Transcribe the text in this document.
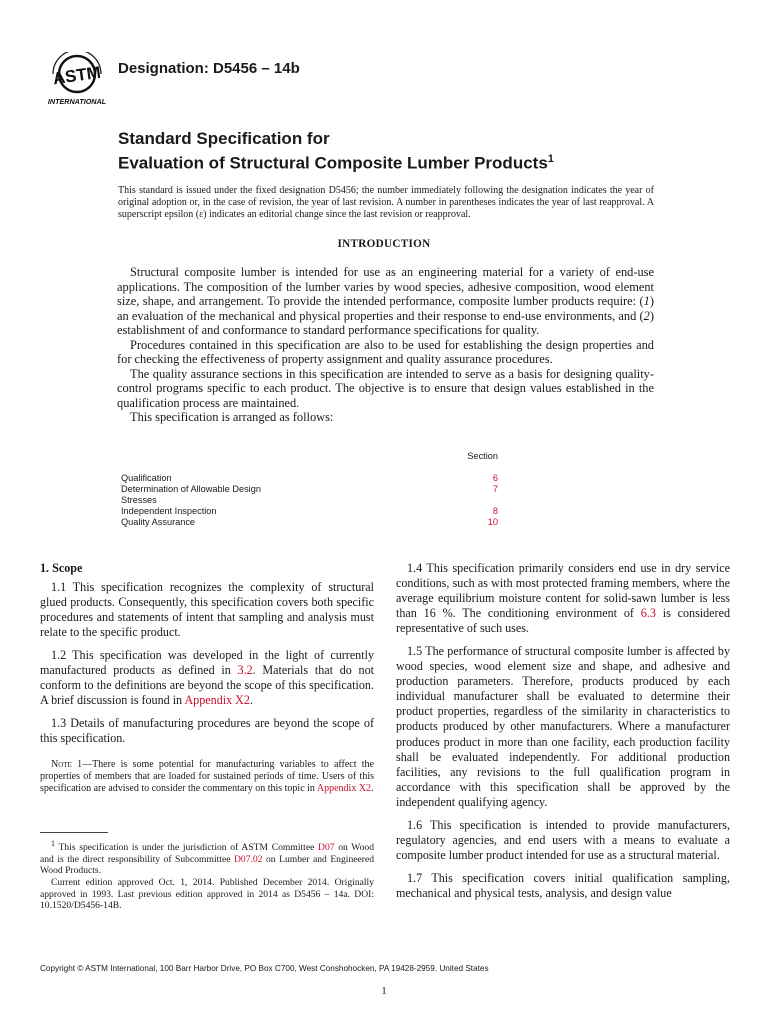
ASTM
INTERNATIONAL
Designation: D5456 – 14b
Standard Specification for
Evaluation of Structural Composite Lumber Products$^1$
This standard is issued under the fixed designation D5456; the number immediately following the designation indicates the year of original adoption or, in the case of revision, the year of last revision. A number in parentheses indicates the year of last reapproval. A superscript epsilon (ε) indicates an editorial change since the last revision or reapproval.
INTRODUCTION

Structural composite lumber is intended for use as an engineering material for a variety of end-use applications. The composition of the lumber varies by wood species, adhesive composition, wood element size, shape, and arrangement. To provide the intended performance, composite lumber products require: (1) an evaluation of the mechanical and physical properties and their response to end-use environments, and (2) establishment of and conformance to standard performance specifications for quality.

Procedures contained in this specification are also to be used for establishing the design properties and for checking the effectiveness of property assignment and quality assurance procedures.

The quality assurance sections in this specification are intended to serve as a basis for designing quality-control programs specific to each product. The objective is to ensure that design values established in the qualification process are maintained.

This specification is arranged as follows:

Section
Qualification	6
Determination of Allowable Design	7
Stresses
Independent Inspection	8
Quality Assurance	10
1. Scope

1.1 This specification recognizes the complexity of structural glued products. Consequently, this specification covers both specific procedures and statements of intent that sampling and analysis must relate to the specific product.

1.2 This specification was developed in the light of currently manufactured products as defined in 3.2. Materials that do not conform to the definitions are beyond the scope of this specification. A brief discussion is found in Appendix X2.

1.3 Details of manufacturing procedures are beyond the scope of this specification.

Note 1—There is some potential for manufacturing variables to affect the properties of members that are loaded for sustained periods of time. Users of this specification are advised to consider the commentary on this topic in Appendix X2.

$^1$ This specification is under the jurisdiction of ASTM Committee D07 on Wood and is the direct responsibility of Subcommittee D07.02 on Lumber and Engineered Wood Products.

Current edition approved Oct. 1, 2014. Published December 2014. Originally approved in 1993. Last previous edition approved in 2014 as D5456 – 14a. DOI: 10.1520/D5456-14B.

1.4 This specification primarily considers end use in dry service conditions, such as with most protected framing members, where the average equilibrium moisture content for solid-sawn lumber is less than 16 %. The conditioning environment of 6.3 is considered representative of such uses.

1.5 The performance of structural composite lumber is affected by wood species, wood element size and shape, and adhesive and production parameters. Therefore, products produced by each individual manufacturer shall be evaluated to determine their product properties, regardless of the similarity in characteristics to products produced by other manufacturers. Where a manufacturer produces product in more than one facility, each production facility shall be evaluated independently. For additional production facilities, any revisions to the full qualification program in accordance with this specification shall be approved by the independent qualifying agency.

1.6 This specification is intended to provide manufacturers, regulatory agencies, and end users with a means to evaluate a composite lumber product intended for use as a structural material.

1.7 This specification covers initial qualification sampling, mechanical and physical tests, analysis, and design value

Copyright © ASTM International, 100 Barr Harbor Drive, PO Box C700, West Conshohocken, PA 19428-2959. United States
1
